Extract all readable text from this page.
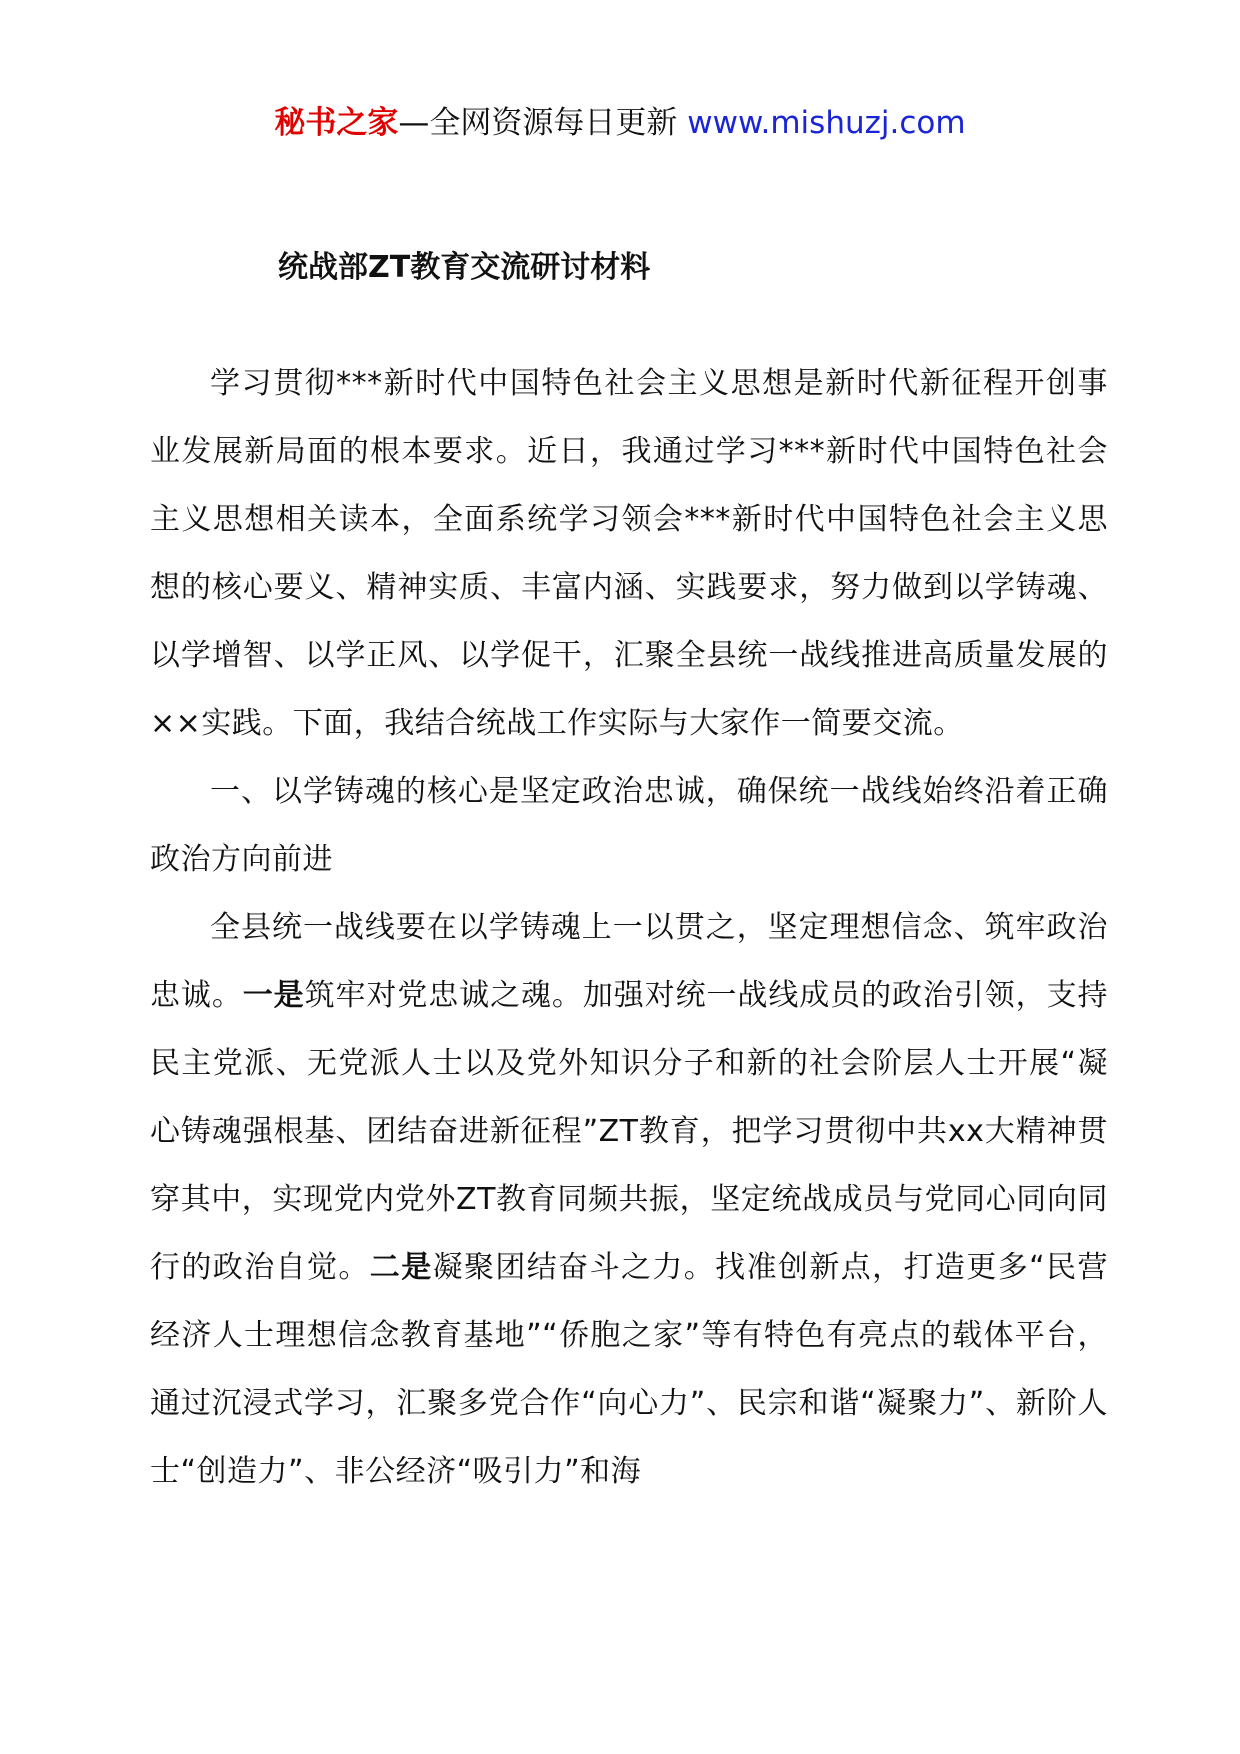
秘书之家—全网资源每日更新 www.mishuzj.com
统战部ZT教育交流研讨材料

学习贯彻***新时代中国特色社会主义思想是新时代新征程开创事业发展新局面的根本要求。近日，我通过学习***新时代中国特色社会主义思想相关读本，全面系统学习领会***新时代中国特色社会主义思想的核心要义、精神实质、丰富内涵、实践要求，努力做到以学铸魂、以学增智、以学正风、以学促干，汇聚全县统一战线推进高质量发展的××实践。下面，我结合统战工作实际与大家作一简要交流。

一、以学铸魂的核心是坚定政治忠诚，确保统一战线始终沿着正确政治方向前进

全县统一战线要在以学铸魂上一以贯之，坚定理想信念、筑牢政治忠诚。一是筑牢对党忠诚之魂。加强对统一战线成员的政治引领，支持民主党派、无党派人士以及党外知识分子和新的社会阶层人士开展“凝心铸魂强根基、团结奋进新征程”ZT教育，把学习贯彻中共xx大精神贯穿其中，实现党内党外ZT教育同频共振，坚定统战成员与党同心同向同行的政治自觉。二是凝聚团结奋斗之力。找准创新点，打造更多“民营经济人士理想信念教育基地”“侨胞之家”等有特色有亮点的载体平台，通过沉浸式学习，汇聚多党合作“向心力”、民宗和谐“凝聚力”、新阶人士“创造力”、非公经济“吸引力”和海
